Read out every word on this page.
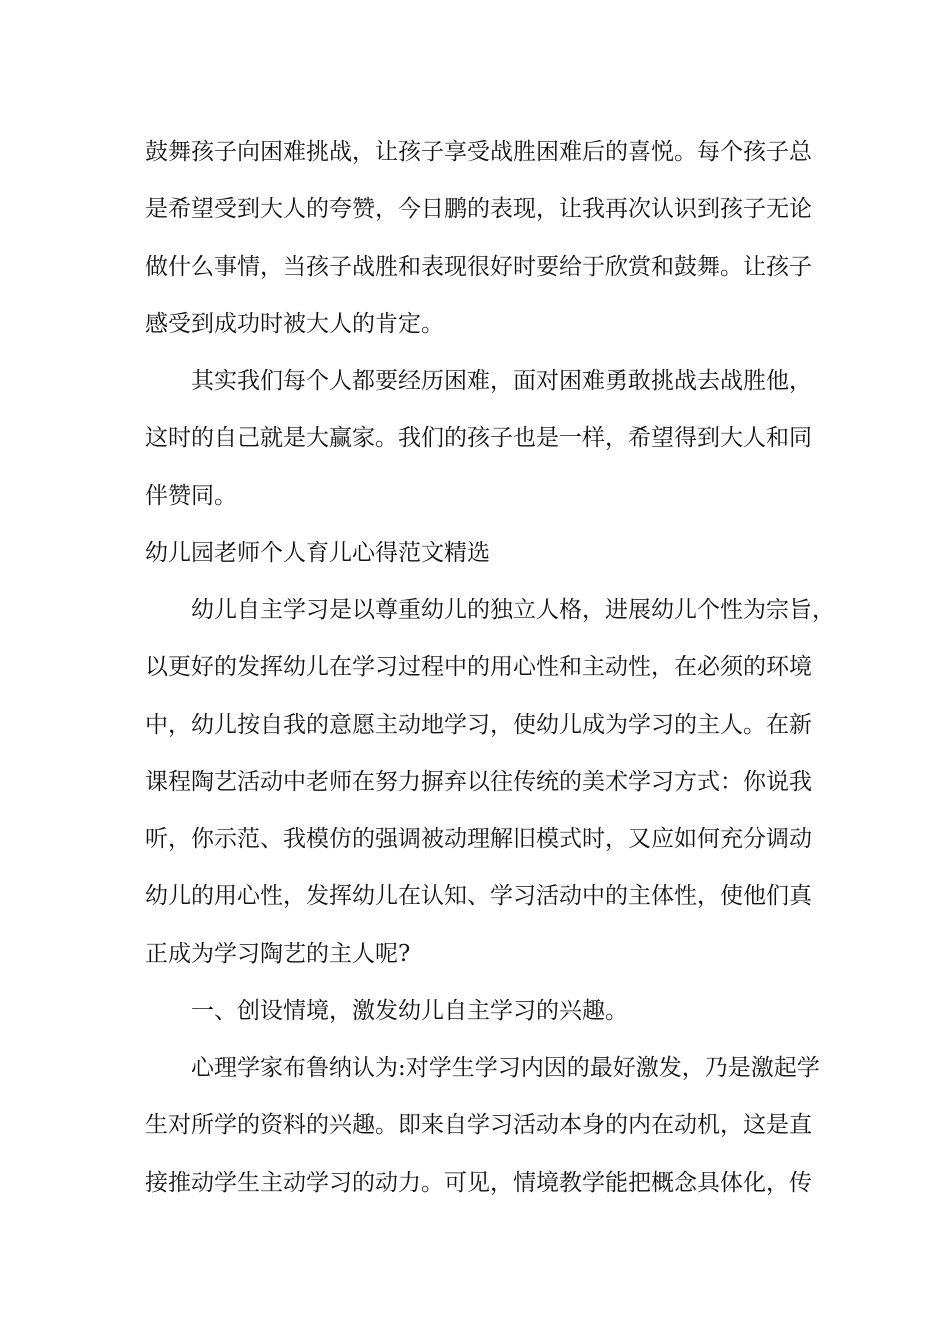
鼓舞孩子向困难挑战，让孩子享受战胜困难后的喜悦。每个孩子总
是希望受到大人的夸赞，今日鹏的表现，让我再次认识到孩子无论
做什么事情，当孩子战胜和表现很好时要给于欣赏和鼓舞。让孩子
感受到成功时被大人的肯定。
其实我们每个人都要经历困难，面对困难勇敢挑战去战胜他，
这时的自己就是大赢家。我们的孩子也是一样，希望得到大人和同
伴赞同。
幼儿园老师个人育儿心得范文精选
幼儿自主学习是以尊重幼儿的独立人格，进展幼儿个性为宗旨，
以更好的发挥幼儿在学习过程中的用心性和主动性，在必须的环境
中，幼儿按自我的意愿主动地学习，使幼儿成为学习的主人。在新
课程陶艺活动中老师在努力摒弃以往传统的美术学习方式：你说我
听，你示范、我模仿的强调被动理解旧模式时，又应如何充分调动
幼儿的用心性，发挥幼儿在认知、学习活动中的主体性，使他们真
正成为学习陶艺的主人呢?
一、创设情境，激发幼儿自主学习的兴趣。
心理学家布鲁纳认为:对学生学习内因的最好激发，乃是激起学
生对所学的资料的兴趣。即来自学习活动本身的内在动机，这是直
接推动学生主动学习的动力。可见，情境教学能把概念具体化，传
